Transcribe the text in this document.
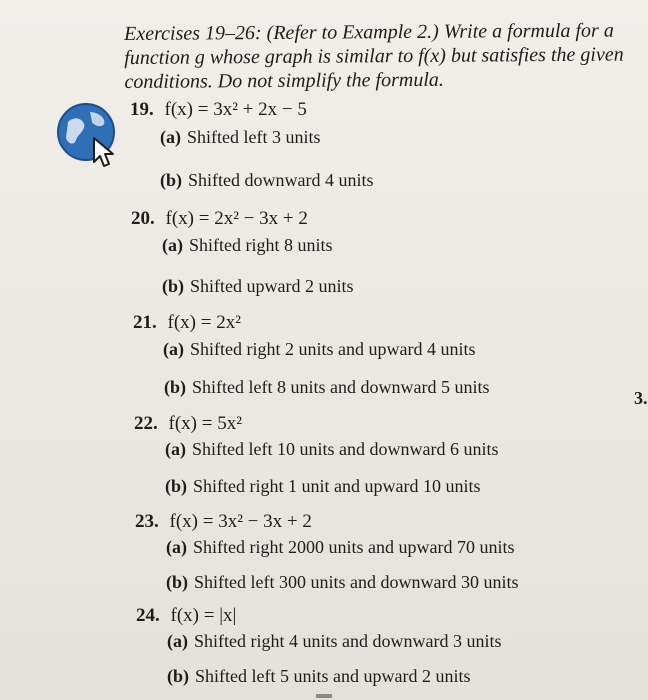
Exercises 19–26: (Refer to Example 2.) Write a formula for a function g whose graph is similar to f(x) but satisfies the given conditions. Do not simplify the formula.
19. f(x) = 3x² + 2x − 5
(a) Shifted left 3 units
(b) Shifted downward 4 units
20. f(x) = 2x² − 3x + 2
(a) Shifted right 8 units
(b) Shifted upward 2 units
21. f(x) = 2x²
(a) Shifted right 2 units and upward 4 units
(b) Shifted left 8 units and downward 5 units
22. f(x) = 5x²
(a) Shifted left 10 units and downward 6 units
(b) Shifted right 1 unit and upward 10 units
23. f(x) = 3x² − 3x + 2
(a) Shifted right 2000 units and upward 70 units
(b) Shifted left 300 units and downward 30 units
24. f(x) = |x|
(a) Shifted right 4 units and downward 3 units
(b) Shifted left 5 units and upward 2 units
3.
